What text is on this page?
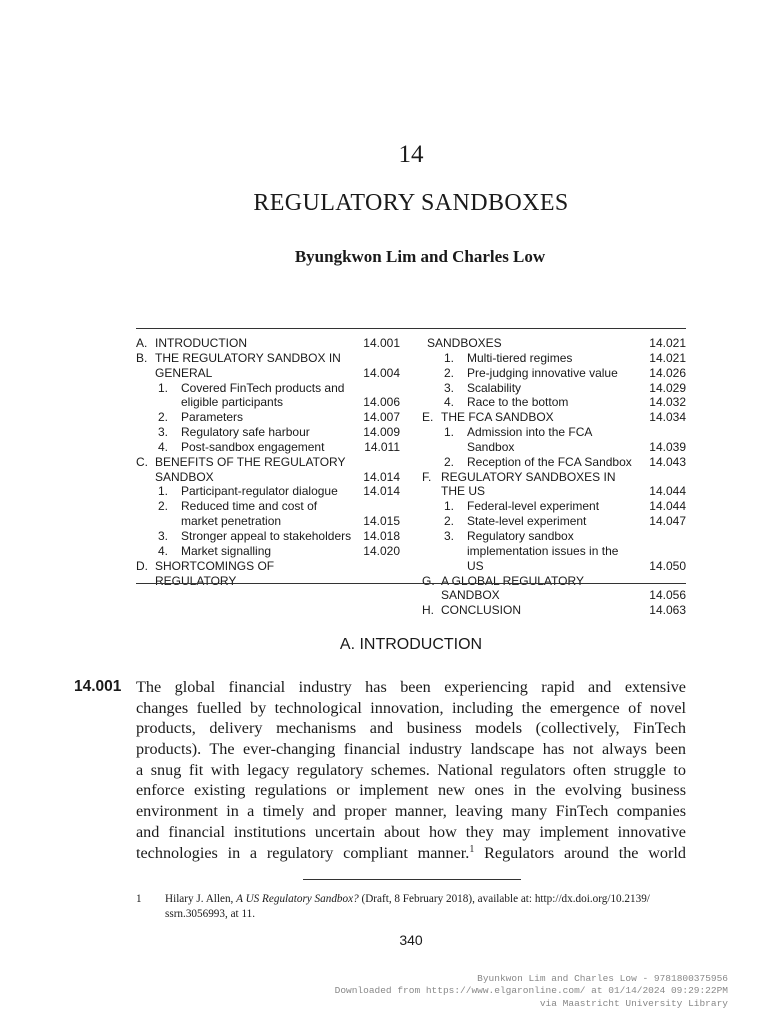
14
REGULATORY SANDBOXES
Byungkwon Lim and Charles Low
A. INTRODUCTION	14.001
B. THE REGULATORY SANDBOX IN GENERAL	14.004
1.	Covered FinTech products and eligible participants	14.006
2.	Parameters	14.007
3.	Regulatory safe harbour	14.009
4.	Post-sandbox engagement	14.011
C. BENEFITS OF THE REGULATORY SANDBOX	14.014
1.	Participant-regulator dialogue	14.014
2.	Reduced time and cost of market penetration	14.015
3.	Stronger appeal to stakeholders	14.018
4.	Market signalling	14.020
D. SHORTCOMINGS OF REGULATORY
SANDBOXES	14.021
1.	Multi-tiered regimes	14.021
2.	Pre-judging innovative value	14.026
3.	Scalability	14.029
4.	Race to the bottom	14.032
E. THE FCA SANDBOX	14.034
1.	Admission into the FCA Sandbox	14.039
2.	Reception of the FCA Sandbox	14.043
F. REGULATORY SANDBOXES IN THE US	14.044
1.	Federal-level experiment	14.044
2.	State-level experiment	14.047
3.	Regulatory sandbox implementation issues in the US	14.050
G. A GLOBAL REGULATORY SANDBOX	14.056
H. CONCLUSION	14.063
A. INTRODUCTION
14.001 The global financial industry has been experiencing rapid and extensive
changes fuelled by technological innovation, including the emergence of novel
products, delivery mechanisms and business models (collectively, FinTech
products). The ever-changing financial industry landscape has not always been
a snug fit with legacy regulatory schemes. National regulators often struggle to
enforce existing regulations or implement new ones in the evolving business
environment in a timely and proper manner, leaving many FinTech companies
and financial institutions uncertain about how they may implement innovative
technologies in a regulatory compliant manner.$^1$ Regulators around the world
1	Hilary J. Allen, A US Regulatory Sandbox? (Draft, 8 February 2018), available at: http://dx.doi.org/10.2139/
ssrn.3056993, at 11.
340
Byunkwon Lim and Charles Low - 9781800375956
Downloaded from https://www.elgaronline.com/ at 01/14/2024 09:29:22PM
via Maastricht University Library
